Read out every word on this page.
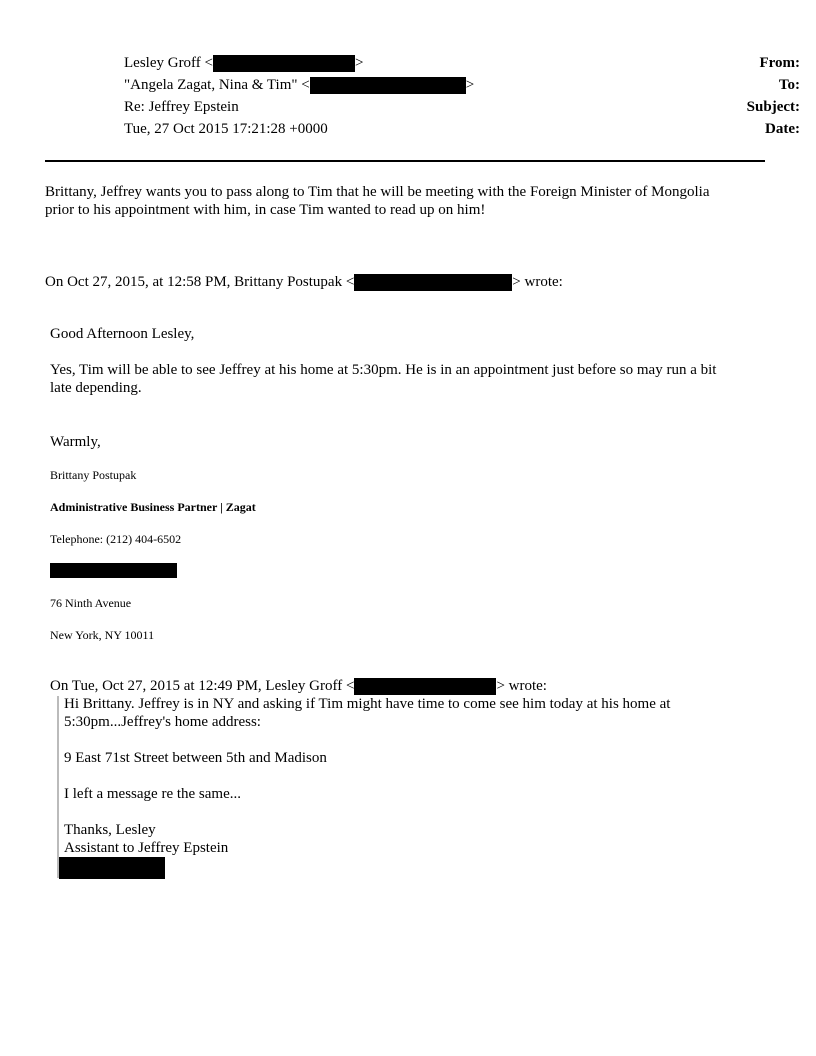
From:
Lesley Groff <	>
To:
"Angela Zagat, Nina & Tim" <	>
Subject:
Re: Jeffrey Epstein
Date:
Tue, 27 Oct 2015 17:21:28 +0000
Brittany, Jeffrey wants you to pass along to Tim that he will be meeting with the Foreign Minister of Mongolia
prior to his appointment with him, in case Tim wanted to read up on him!
On Oct 27, 2015, at 12:58 PM, Brittany Postupak <	> wrote:
Good Afternoon Lesley,
Yes, Tim will be able to see Jeffrey at his home at 5:30pm. He is in an appointment just before so may run a bit
late depending.
Warmly,
Brittany Postupak
Administrative Business Partner | Zagat
Telephone: (212) 404-6502
76 Ninth Avenue
New York, NY 10011
On Tue, Oct 27, 2015 at 12:49 PM, Lesley Groff <	> wrote:
Hi Brittany. Jeffrey is in NY and asking if Tim might have time to come see him today at his home at
5:30pm...Jeffrey's home address:
9 East 71st Street between 5th and Madison
I left a message re the same...
Thanks, Lesley
Assistant to Jeffrey Epstein
